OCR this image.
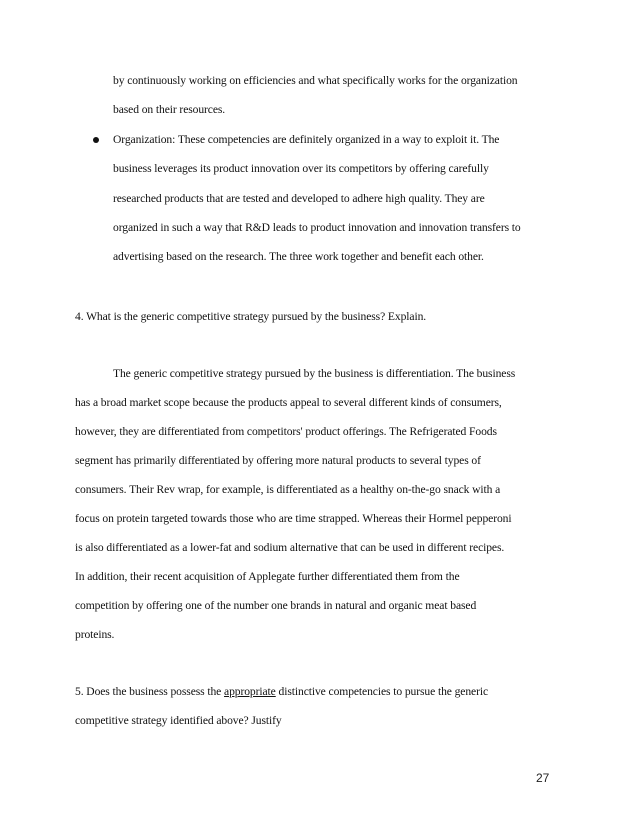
by continuously working on efficiencies and what specifically works for the organization
based on their resources.
Organization: These competencies are definitely organized in a way to exploit it. The
business leverages its product innovation over its competitors by offering carefully
researched products that are tested and developed to adhere high quality. They are
organized in such a way that R&D leads to product innovation and innovation transfers to
advertising based on the research. The three work together and benefit each other.
4. What is the generic competitive strategy pursued by the business? Explain.
The generic competitive strategy pursued by the business is differentiation. The business
has a broad market scope because the products appeal to several different kinds of consumers,
however, they are differentiated from competitors' product offerings. The Refrigerated Foods
segment has primarily differentiated by offering more natural products to several types of
consumers. Their Rev wrap, for example, is differentiated as a healthy on-the-go snack with a
focus on protein targeted towards those who are time strapped. Whereas their Hormel pepperoni
is also differentiated as a lower-fat and sodium alternative that can be used in different recipes.
In addition, their recent acquisition of Applegate further differentiated them from the
competition by offering one of the number one brands in natural and organic meat based
proteins.
5. Does the business possess the appropriate distinctive competencies to pursue the generic
competitive strategy identified above? Justify
27
